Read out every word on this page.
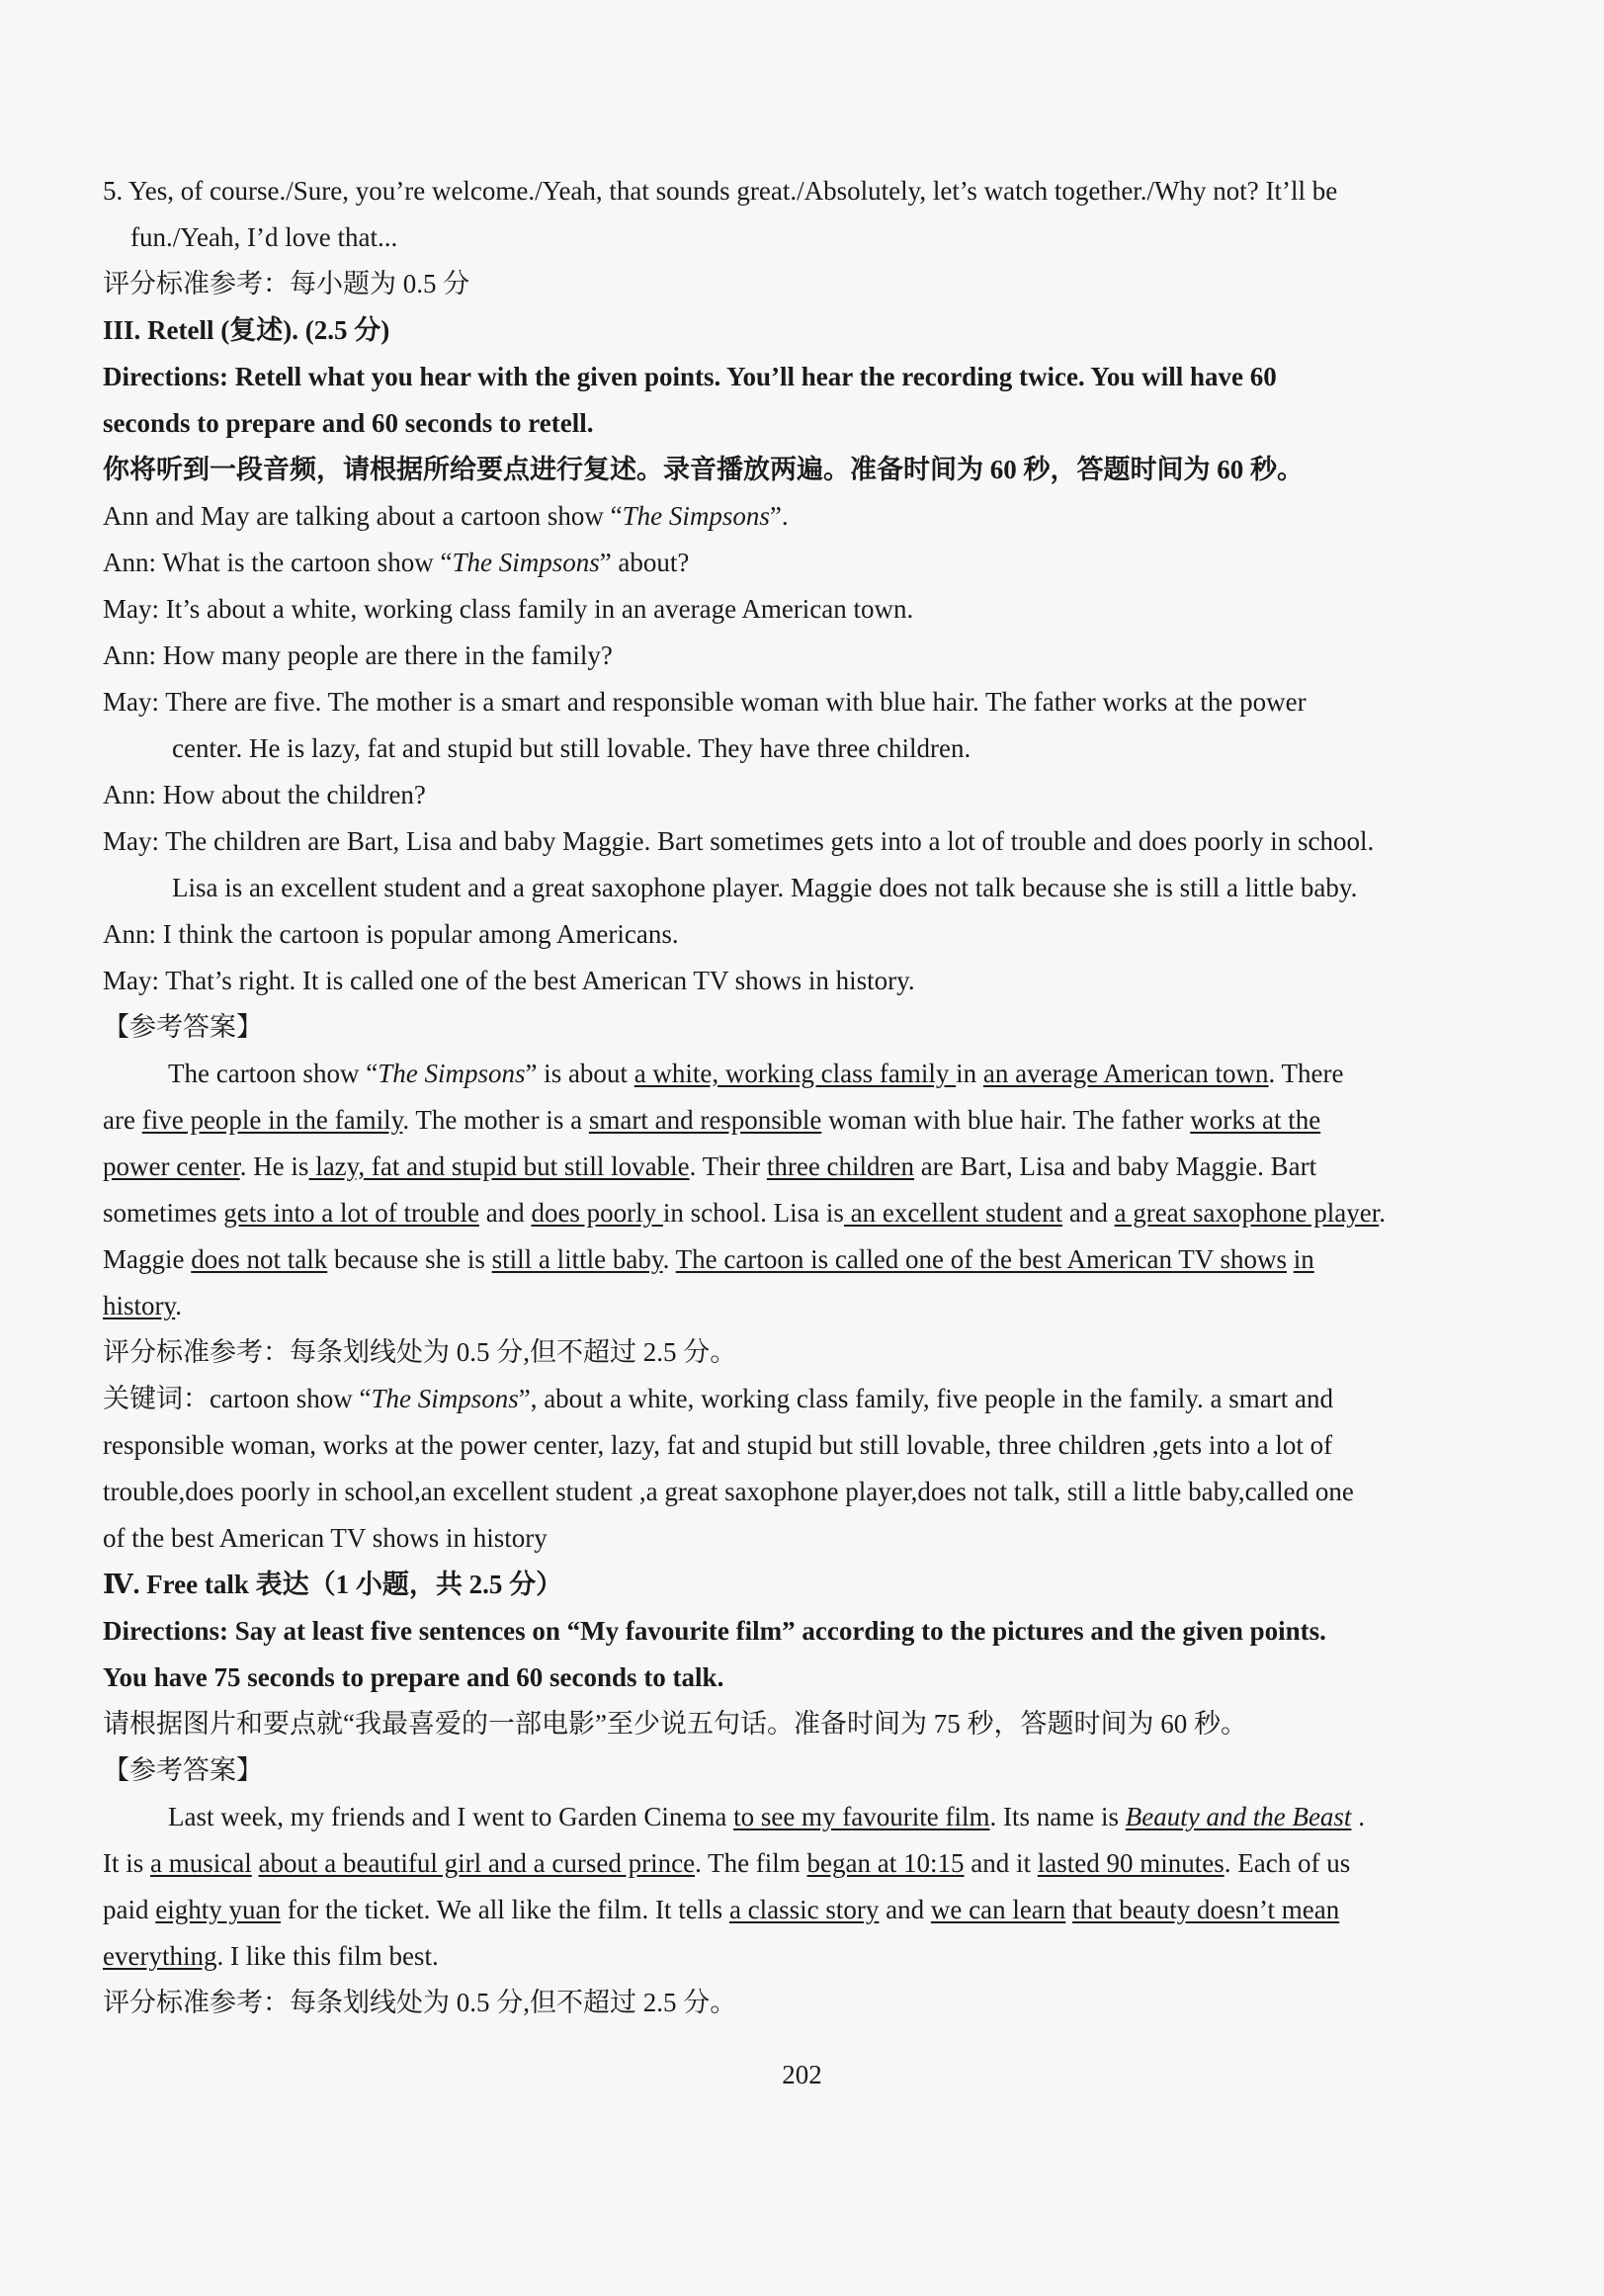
5. Yes, of course./Sure, you’re welcome./Yeah, that sounds great./Absolutely, let’s watch together./Why not? It’ll be

fun./Yeah, I’d love that...

评分标准参考：每小题为 0.5 分

III. Retell (复述). (2.5 分)

Directions: Retell what you hear with the given points. You’ll hear the recording twice. You will have 60

seconds to prepare and 60 seconds to retell.

你将听到一段音频，请根据所给要点进行复述。录音播放两遍。准备时间为 60 秒，答题时间为 60 秒。

Ann and May are talking about a cartoon show “The Simpsons”.

Ann: What is the cartoon show “The Simpsons” about?

May: It’s about a white, working class family in an average American town.

Ann: How many people are there in the family?

May: There are five. The mother is a smart and responsible woman with blue hair. The father works at the power

center. He is lazy, fat and stupid but still lovable. They have three children.

Ann: How about the children?

May: The children are Bart, Lisa and baby Maggie. Bart sometimes gets into a lot of trouble and does poorly in school.

Lisa is an excellent student and a great saxophone player. Maggie does not talk because she is still a little baby.

Ann: I think the cartoon is popular among Americans.

May: That’s right. It is called one of the best American TV shows in history.

【参考答案】

The cartoon show “The Simpsons” is about a white, working class family in an average American town. There

are five people in the family. The mother is a smart and responsible woman with blue hair. The father works at the

power center. He is lazy, fat and stupid but still lovable. Their three children are Bart, Lisa and baby Maggie. Bart

sometimes gets into a lot of trouble and does poorly in school. Lisa is an excellent student and a great saxophone player.

Maggie does not talk because she is still a little baby. The cartoon is called one of the best American TV shows in

history.

评分标准参考：每条划线处为 0.5 分,但不超过 2.5 分。

关键词：cartoon show “The Simpsons”, about a white, working class family, five people in the family. a smart and

responsible woman, works at the power center, lazy, fat and stupid but still lovable, three children ,gets into a lot of

trouble,does poorly in school,an excellent student ,a great saxophone player,does not talk, still a little baby,called one

of the best American TV shows in history

Ⅳ. Free talk 表达（1 小题，共 2.5 分）

Directions: Say at least five sentences on “My favourite film” according to the pictures and the given points.

You have 75 seconds to prepare and 60 seconds to talk.

请根据图片和要点就“我最喜爱的一部电影”至少说五句话。准备时间为 75 秒，答题时间为 60 秒。

【参考答案】

Last week, my friends and I went to Garden Cinema to see my favourite film. Its name is Beauty and the Beast .

It is a musical about a beautiful girl and a cursed prince. The film began at 10:15 and it lasted 90 minutes. Each of us

paid eighty yuan for the ticket. We all like the film. It tells a classic story and we can learn that beauty doesn’t mean

everything. I like this film best.

评分标准参考：每条划线处为 0.5 分,但不超过 2.5 分。

202
